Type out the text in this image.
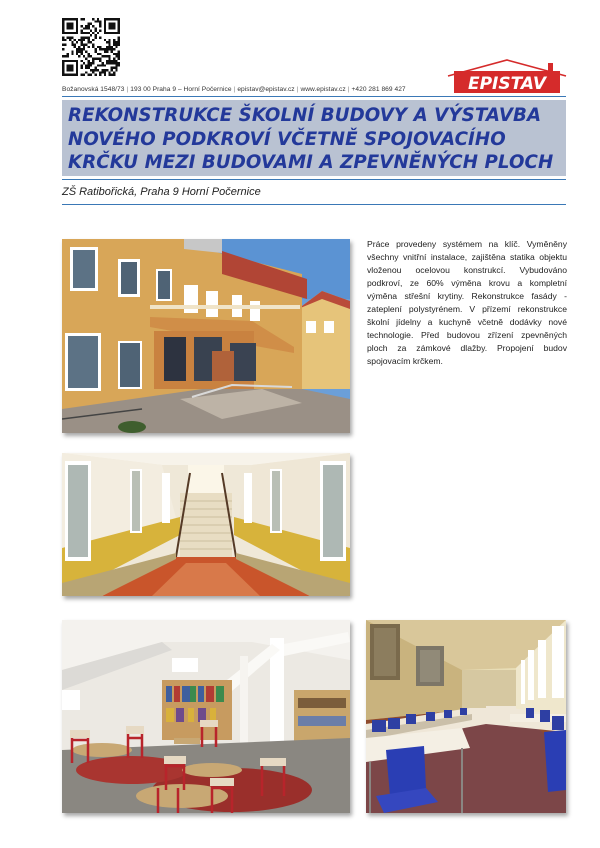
EPISTAV
Božanovská 1548/73 | 193 00 Praha 9 – Horní Počernice | epistav@epistav.cz | www.epistav.cz | +420 281 869 427
REKONSTRUKCE ŠKOLNÍ BUDOVY A VÝSTAVBA NOVÉHO PODKROVÍ VČETNĚ SPOJOVACÍHO KRČKU MEZI BUDOVAMI A ZPEVNĚNÝCH PLOCH
ZŠ Ratibořická, Praha 9 Horní Počernice

Práce provedeny systémem na klíč. Vyměněny všechny vnitřní instalace, zajištěna statika objektu vloženou ocelovou konstrukcí. Vybudováno podkroví, ze 60% výměna krovu a kompletní výměna střešní krytiny. Rekonstrukce fasády - zateplení polystyrénem. V přízemí rekonstrukce školní jídelny a kuchyně včetně dodávky nové technologie. Před budovou zřízení zpevněných ploch za zámkové dlažby. Propojení budov spojovacím krčkem.
